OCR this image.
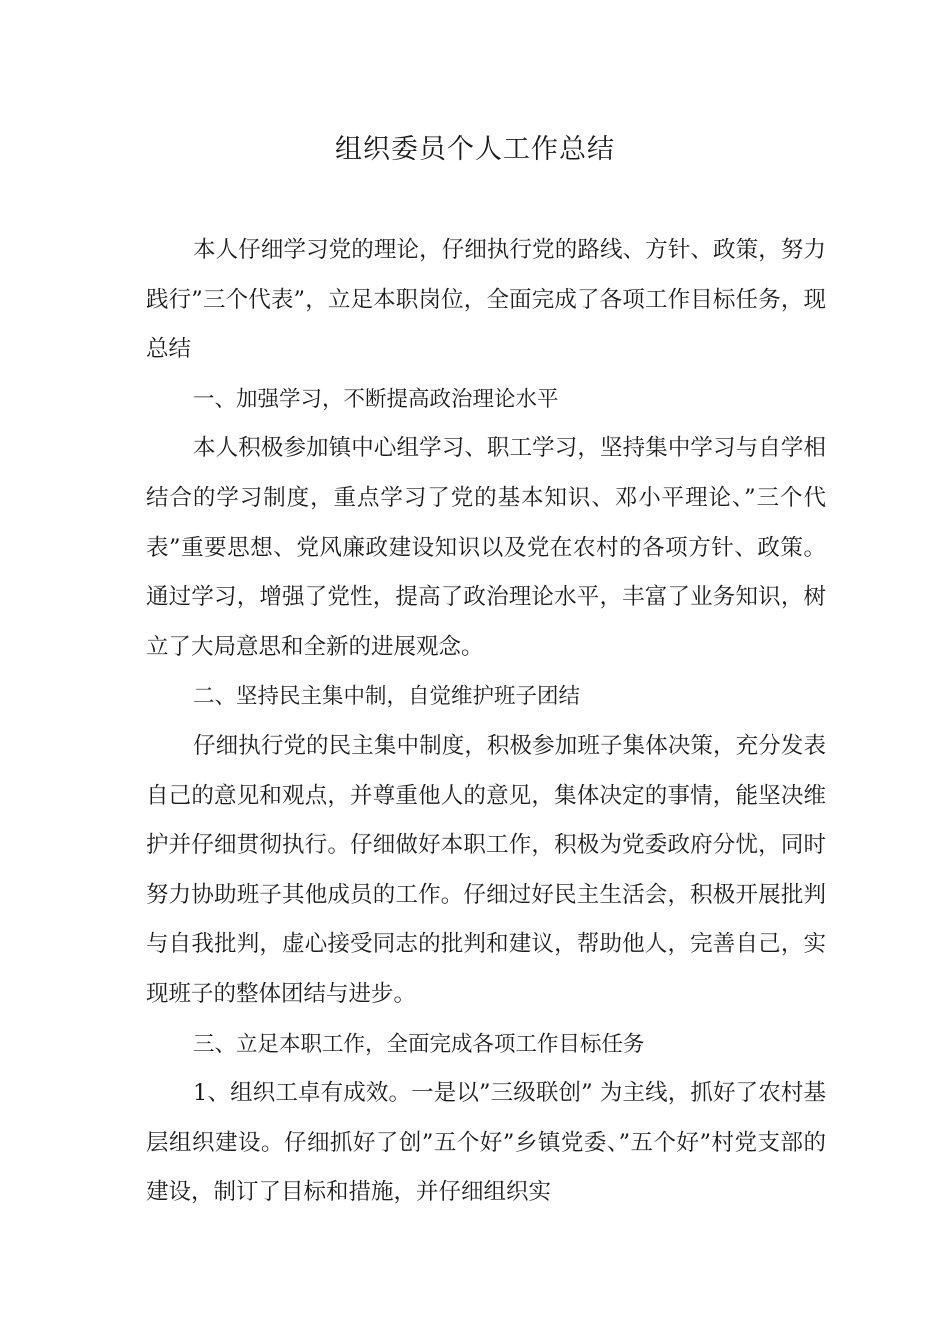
组织委员个人工作总结

本人仔细学习党的理论，仔细执行党的路线、方针、政策，努力践行”三个代表”，立足本职岗位，全面完成了各项工作目标任务，现总结

一、加强学习，不断提高政治理论水平

本人积极参加镇中心组学习、职工学习，坚持集中学习与自学相结合的学习制度，重点学习了党的基本知识、邓小平理论、”三个代表”重要思想、党风廉政建设知识以及党在农村的各项方针、政策。通过学习，增强了党性，提高了政治理论水平，丰富了业务知识，树立了大局意思和全新的进展观念。

二、坚持民主集中制，自觉维护班子团结

仔细执行党的民主集中制度，积极参加班子集体决策，充分发表自己的意见和观点，并尊重他人的意见，集体决定的事情，能坚决维护并仔细贯彻执行。仔细做好本职工作，积极为党委政府分忧，同时努力协助班子其他成员的工作。仔细过好民主生活会，积极开展批判与自我批判，虚心接受同志的批判和建议，帮助他人，完善自己，实现班子的整体团结与进步。

三、立足本职工作，全面完成各项工作目标任务

1、组织工卓有成效。一是以”三级联创” 为主线，抓好了农村基层组织建设。仔细抓好了创”五个好”乡镇党委、”五个好”村党支部的建设，制订了目标和措施，并仔细组织实
